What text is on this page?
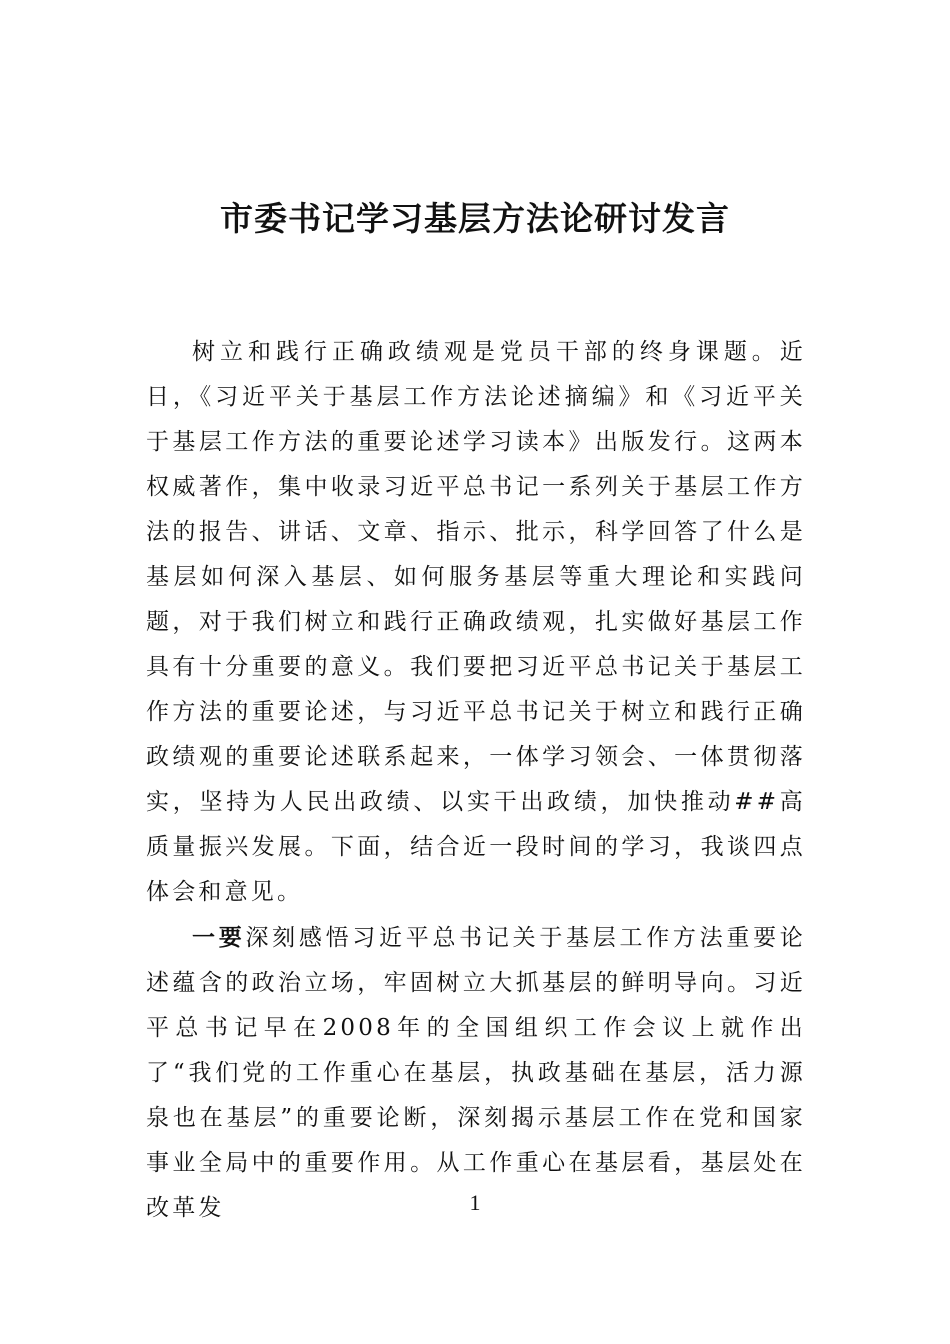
市委书记学习基层方法论研讨发言

树立和践行正确政绩观是党员干部的终身课题。近日，《习近平关于基层工作方法论述摘编》和《习近平关于基层工作方法的重要论述学习读本》出版发行。这两本权威著作，集中收录习近平总书记一系列关于基层工作方法的报告、讲话、文章、指示、批示，科学回答了什么是基层如何深入基层、如何服务基层等重大理论和实践问题，对于我们树立和践行正确政绩观，扎实做好基层工作具有十分重要的意义。我们要把习近平总书记关于基层工作方法的重要论述，与习近平总书记关于树立和践行正确政绩观的重要论述联系起来，一体学习领会、一体贯彻落实，坚持为人民出政绩、以实干出政绩，加快推动##高质量振兴发展。下面，结合近一段时间的学习，我谈四点体会和意见。

一要深刻感悟习近平总书记关于基层工作方法重要论述蕴含的政治立场，牢固树立大抓基层的鲜明导向。习近平总书记早在2008年的全国组织工作会议上就作出了“我们党的工作重心在基层，执政基础在基层，活力源泉也在基层”的重要论断，深刻揭示基层工作在党和国家事业全局中的重要作用。从工作重心在基层看，基层处在改革发	1
